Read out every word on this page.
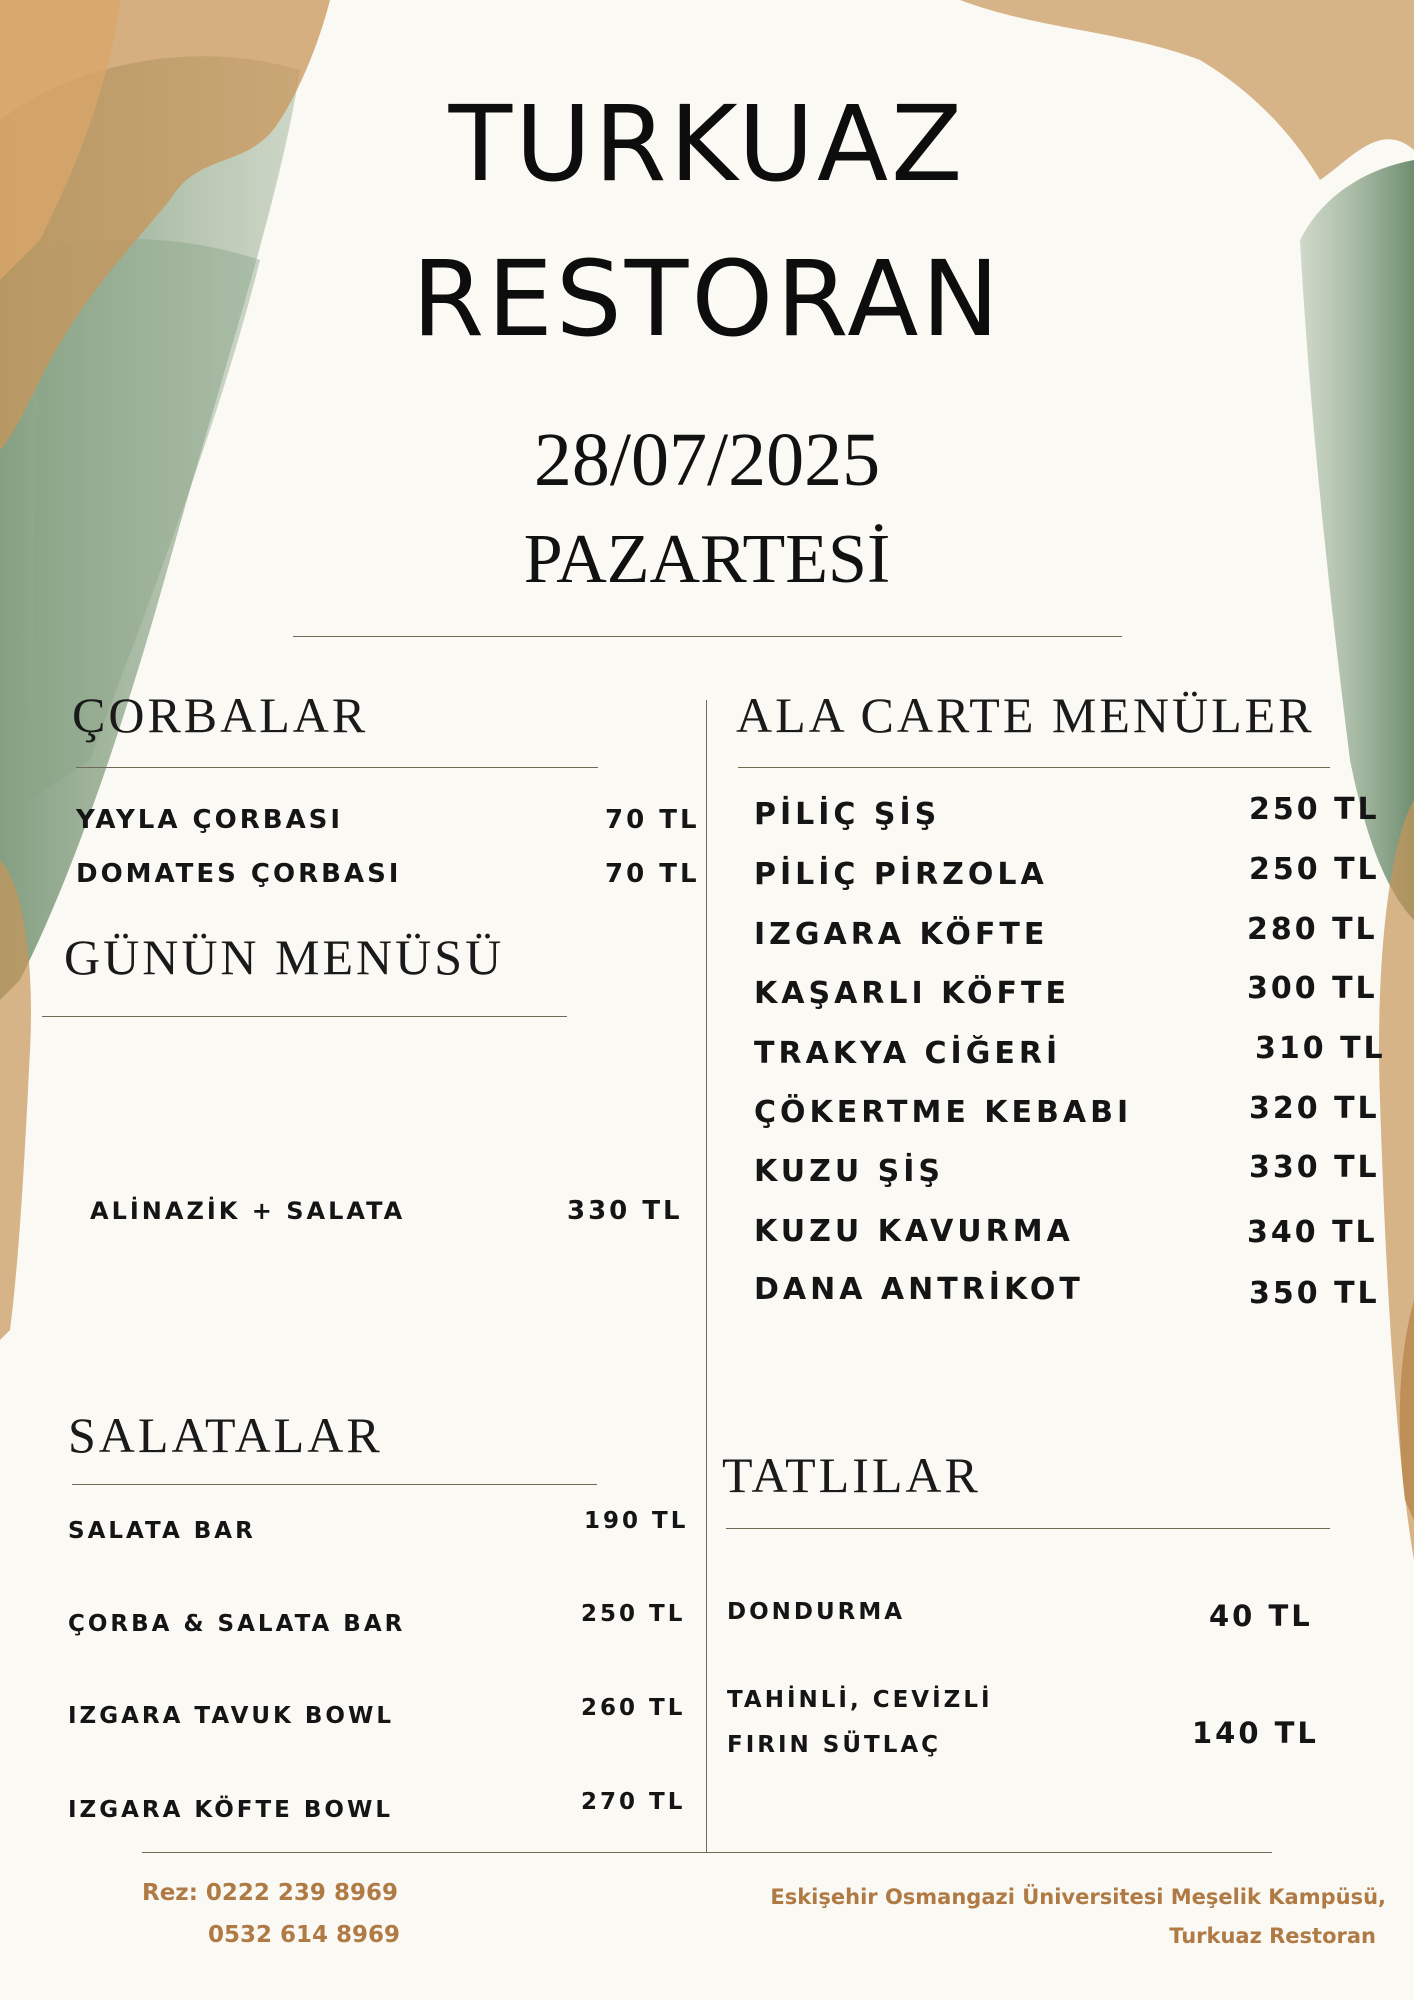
TURKUAZ
RESTORAN
28/07/2025
PAZARTESİ
ÇORBALAR
YAYLA ÇORBASI	70 TL
DOMATES ÇORBASI	70 TL
GÜNÜN MENÜSÜ
ALİNAZİK + SALATA	330 TL
SALATALAR
SALATA BAR	190 TL
ÇORBA & SALATA BAR	250 TL
IZGARA TAVUK BOWL	260 TL
IZGARA KÖFTE BOWL	270 TL
ALA CARTE MENÜLER
PİLİÇ ŞİŞ	250 TL
PİLİÇ PİRZOLA	250 TL
IZGARA KÖFTE	280 TL
KAŞARLI KÖFTE	300 TL
TRAKYA CİĞERİ	310 TL
ÇÖKERTME KEBABI	320 TL
KUZU ŞİŞ	330 TL
KUZU KAVURMA	340 TL
DANA ANTRİKOT	350 TL
TATLILAR
DONDURMA	40 TL
TAHİNLİ, CEVİZLİ
FIRIN SÜTLAÇ	140 TL
Rez: 0222 239 8969
0532 614 8969
Eskişehir Osmangazi Üniversitesi Meşelik Kampüsü,
Turkuaz Restoran
